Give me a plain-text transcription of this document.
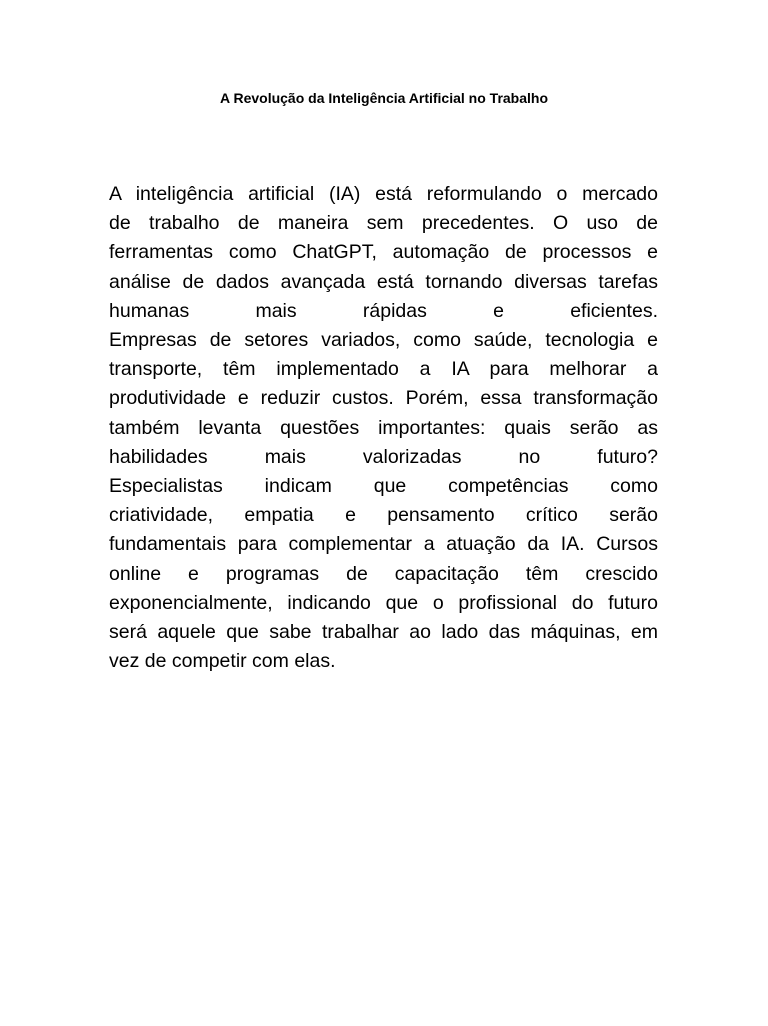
A Revolução da Inteligência Artificial no Trabalho
A inteligência artificial (IA) está reformulando o mercado
de trabalho de maneira sem precedentes. O uso de
ferramentas como ChatGPT, automação de processos e
análise de dados avançada está tornando diversas tarefas
humanas mais rápidas e eficientes.
Empresas de setores variados, como saúde, tecnologia e
transporte, têm implementado a IA para melhorar a
produtividade e reduzir custos. Porém, essa transformação
também levanta questões importantes: quais serão as
habilidades mais valorizadas no futuro?
Especialistas indicam que competências como
criatividade, empatia e pensamento crítico serão
fundamentais para complementar a atuação da IA. Cursos
online e programas de capacitação têm crescido
exponencialmente, indicando que o profissional do futuro
será aquele que sabe trabalhar ao lado das máquinas, em
vez de competir com elas.
